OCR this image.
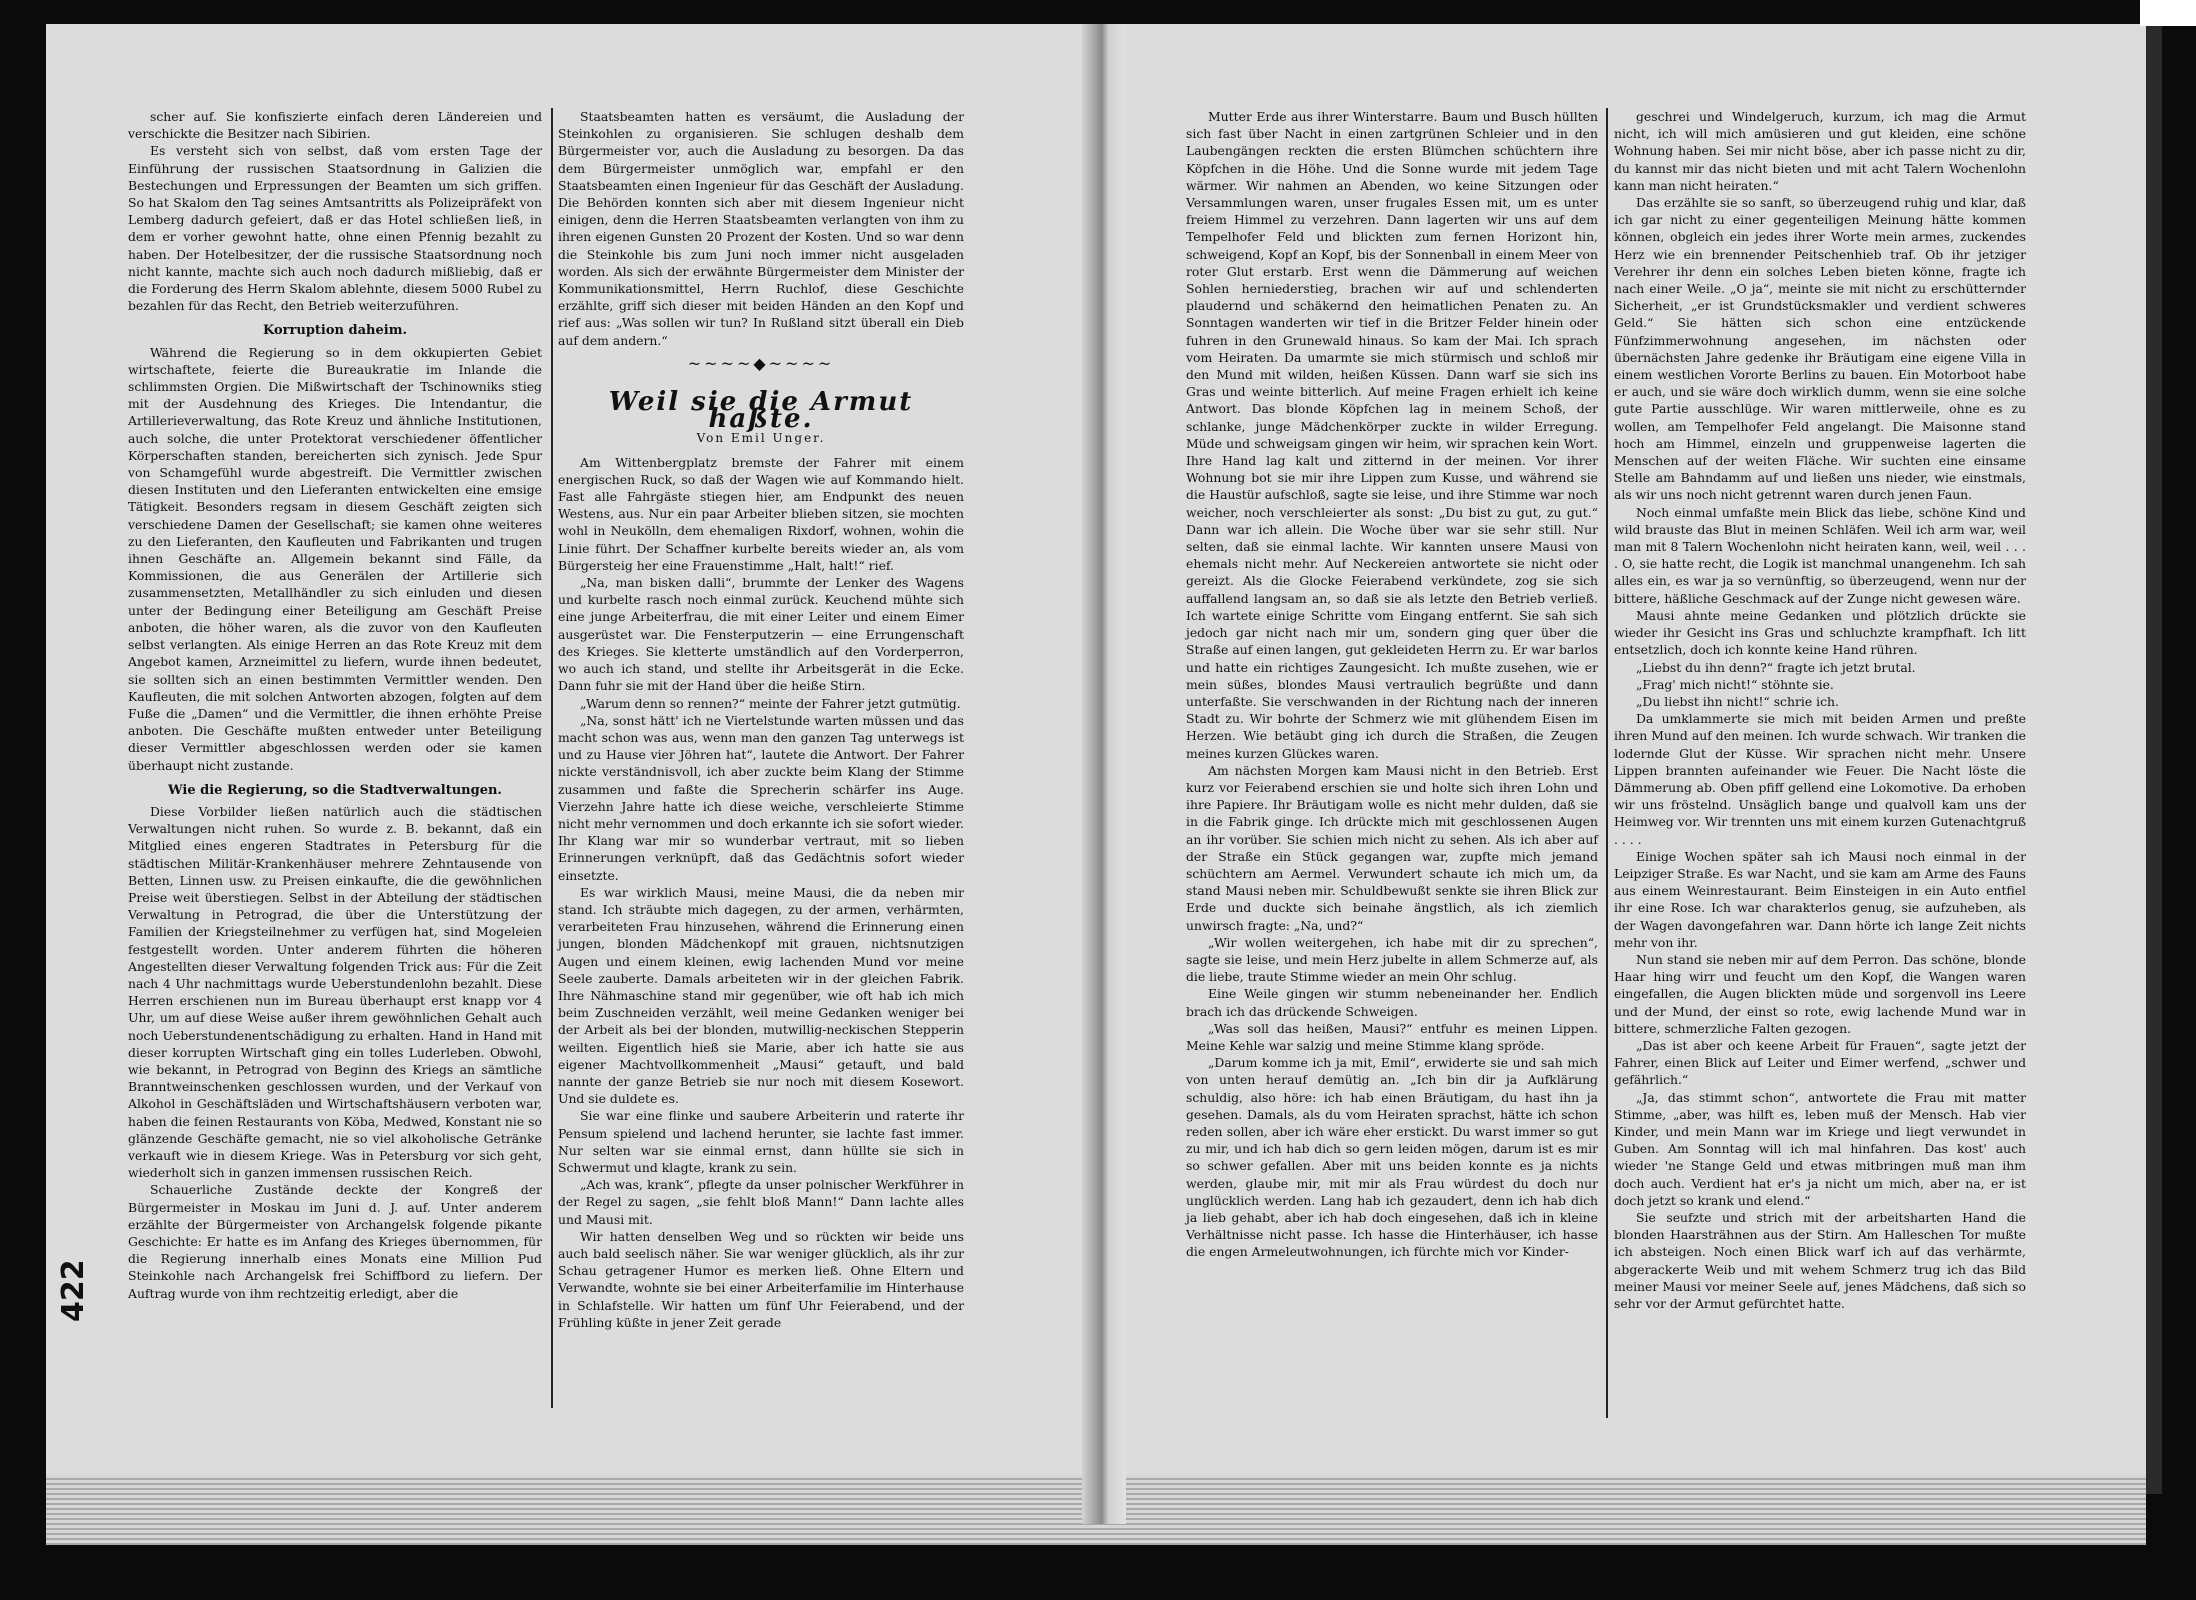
scher auf. Sie konfiszierte einfach deren Ländereien und verschickte die Besitzer nach Sibirien.

Es versteht sich von selbst, daß vom ersten Tage der Einführung der russischen Staatsordnung in Galizien die Bestechungen und Erpressungen der Beamten um sich griffen. So hat Skalom den Tag seines Amtsantritts als Polizeipräfekt von Lemberg dadurch gefeiert, daß er das Hotel schließen ließ, in dem er vorher gewohnt hatte, ohne einen Pfennig bezahlt zu haben. Der Hotelbesitzer, der die russische Staatsordnung noch nicht kannte, machte sich auch noch dadurch mißliebig, daß er die Forderung des Herrn Skalom ablehnte, diesem 5000 Rubel zu bezahlen für das Recht, den Betrieb weiterzuführen.

Korruption daheim.

Während die Regierung so in dem okkupierten Gebiet wirtschaftete, feierte die Bureaukratie im Inlande die schlimmsten Orgien. Die Mißwirtschaft der Tschinowniks stieg mit der Ausdehnung des Krieges. Die Intendantur, die Artillerieverwaltung, das Rote Kreuz und ähnliche Institutionen, auch solche, die unter Protektorat verschiedener öffentlicher Körperschaften standen, bereicherten sich zynisch. Jede Spur von Schamgefühl wurde abgestreift. Die Vermittler zwischen diesen Instituten und den Lieferanten entwickelten eine emsige Tätigkeit. Besonders regsam in diesem Geschäft zeigten sich verschiedene Damen der Gesellschaft; sie kamen ohne weiteres zu den Lieferanten, den Kaufleuten und Fabrikanten und trugen ihnen Geschäfte an. Allgemein bekannt sind Fälle, da Kommissionen, die aus Generälen der Artillerie sich zusammensetzten, Metallhändler zu sich einluden und diesen unter der Bedingung einer Beteiligung am Geschäft Preise anboten, die höher waren, als die zuvor von den Kaufleuten selbst verlangten. Als einige Herren an das Rote Kreuz mit dem Angebot kamen, Arzneimittel zu liefern, wurde ihnen bedeutet, sie sollten sich an einen bestimmten Vermittler wenden. Den Kaufleuten, die mit solchen Antworten abzogen, folgten auf dem Fuße die „Damen“ und die Vermittler, die ihnen erhöhte Preise anboten. Die Geschäfte mußten entweder unter Beteiligung dieser Vermittler abgeschlossen werden oder sie kamen überhaupt nicht zustande.

Wie die Regierung, so die Stadtverwaltungen.

Diese Vorbilder ließen natürlich auch die städtischen Verwaltungen nicht ruhen. So wurde z. B. bekannt, daß ein Mitglied eines engeren Stadtrates in Petersburg für die städtischen Militär-Krankenhäuser mehrere Zehntausende von Betten, Linnen usw. zu Preisen einkaufte, die die gewöhnlichen Preise weit überstiegen. Selbst in der Abteilung der städtischen Verwaltung in Petrograd, die über die Unterstützung der Familien der Kriegsteilnehmer zu verfügen hat, sind Mogeleien festgestellt worden. Unter anderem führten die höheren Angestellten dieser Verwaltung folgenden Trick aus: Für die Zeit nach 4 Uhr nachmittags wurde Ueberstundenlohn bezahlt. Diese Herren erschienen nun im Bureau überhaupt erst knapp vor 4 Uhr, um auf diese Weise außer ihrem gewöhnlichen Gehalt auch noch Ueberstundenentschädigung zu erhalten. Hand in Hand mit dieser korrupten Wirtschaft ging ein tolles Luderleben. Obwohl, wie bekannt, in Petrograd von Beginn des Kriegs an sämtliche Branntweinschenken geschlossen wurden, und der Verkauf von Alkohol in Geschäftsläden und Wirtschaftshäusern verboten war, haben die feinen Restaurants von Köba, Medwed, Konstant nie so glänzende Geschäfte gemacht, nie so viel alkoholische Getränke verkauft wie in diesem Kriege. Was in Petersburg vor sich geht, wiederholt sich in ganzen immensen russischen Reich.

Schauerliche Zustände deckte der Kongreß der Bürgermeister in Moskau im Juni d. J. auf. Unter anderem erzählte der Bürgermeister von Archangelsk folgende pikante Geschichte: Er hatte es im Anfang des Krieges übernommen, für die Regierung innerhalb eines Monats eine Million Pud Steinkohle nach Archangelsk frei Schiffbord zu liefern. Der Auftrag wurde von ihm rechtzeitig erledigt, aber die

Staatsbeamten hatten es versäumt, die Ausladung der Steinkohlen zu organisieren. Sie schlugen deshalb dem Bürgermeister vor, auch die Ausladung zu besorgen. Da das dem Bürgermeister unmöglich war, empfahl er den Staatsbeamten einen Ingenieur für das Geschäft der Ausladung. Die Behörden konnten sich aber mit diesem Ingenieur nicht einigen, denn die Herren Staatsbeamten verlangten von ihm zu ihren eigenen Gunsten 20 Prozent der Kosten. Und so war denn die Steinkohle bis zum Juni noch immer nicht ausgeladen worden. Als sich der erwähnte Bürgermeister dem Minister der Kommunikationsmittel, Herrn Ruchlof, diese Geschichte erzählte, griff sich dieser mit beiden Händen an den Kopf und rief aus: „Was sollen wir tun? In Rußland sitzt überall ein Dieb auf dem andern.“

~~~~◆~~~~
Weil sie die Armut haßte.
Von Emil Unger.

Am Wittenbergplatz bremste der Fahrer mit einem energischen Ruck, so daß der Wagen wie auf Kommando hielt. Fast alle Fahrgäste stiegen hier, am Endpunkt des neuen Westens, aus. Nur ein paar Arbeiter blieben sitzen, sie mochten wohl in Neukölln, dem ehemaligen Rixdorf, wohnen, wohin die Linie führt. Der Schaffner kurbelte bereits wieder an, als vom Bürgersteig her eine Frauenstimme „Halt, halt!“ rief.

„Na, man bisken dalli“, brummte der Lenker des Wagens und kurbelte rasch noch einmal zurück. Keuchend mühte sich eine junge Arbeiterfrau, die mit einer Leiter und einem Eimer ausgerüstet war. Die Fensterputzerin — eine Errungenschaft des Krieges. Sie kletterte umständlich auf den Vorderperron, wo auch ich stand, und stellte ihr Arbeitsgerät in die Ecke. Dann fuhr sie mit der Hand über die heiße Stirn.

„Warum denn so rennen?“ meinte der Fahrer jetzt gutmütig.

„Na, sonst hätt' ich ne Viertelstunde warten müssen und das macht schon was aus, wenn man den ganzen Tag unterwegs ist und zu Hause vier Jöhren hat“, lautete die Antwort. Der Fahrer nickte verständnisvoll, ich aber zuckte beim Klang der Stimme zusammen und faßte die Sprecherin schärfer ins Auge. Vierzehn Jahre hatte ich diese weiche, verschleierte Stimme nicht mehr vernommen und doch erkannte ich sie sofort wieder. Ihr Klang war mir so wunderbar vertraut, mit so lieben Erinnerungen verknüpft, daß das Gedächtnis sofort wieder einsetzte.

Es war wirklich Mausi, meine Mausi, die da neben mir stand. Ich sträubte mich dagegen, zu der armen, verhärmten, verarbeiteten Frau hinzusehen, während die Erinnerung einen jungen, blonden Mädchenkopf mit grauen, nichtsnutzigen Augen und einem kleinen, ewig lachenden Mund vor meine Seele zauberte. Damals arbeiteten wir in der gleichen Fabrik. Ihre Nähmaschine stand mir gegenüber, wie oft hab ich mich beim Zuschneiden verzählt, weil meine Gedanken weniger bei der Arbeit als bei der blonden, mutwillig-neckischen Stepperin weilten. Eigentlich hieß sie Marie, aber ich hatte sie aus eigener Machtvollkommenheit „Mausi“ getauft, und bald nannte der ganze Betrieb sie nur noch mit diesem Kosewort. Und sie duldete es.

Sie war eine flinke und saubere Arbeiterin und raterte ihr Pensum spielend und lachend herunter, sie lachte fast immer. Nur selten war sie einmal ernst, dann hüllte sie sich in Schwermut und klagte, krank zu sein.

„Ach was, krank“, pflegte da unser polnischer Werkführer in der Regel zu sagen, „sie fehlt bloß Mann!“ Dann lachte alles und Mausi mit.

Wir hatten denselben Weg und so rückten wir beide uns auch bald seelisch näher. Sie war weniger glücklich, als ihr zur Schau getragener Humor es merken ließ. Ohne Eltern und Verwandte, wohnte sie bei einer Arbeiterfamilie im Hinterhause in Schlafstelle. Wir hatten um fünf Uhr Feierabend, und der Frühling küßte in jener Zeit gerade

Mutter Erde aus ihrer Winterstarre. Baum und Busch hüllten sich fast über Nacht in einen zartgrünen Schleier und in den Laubengängen reckten die ersten Blümchen schüchtern ihre Köpfchen in die Höhe. Und die Sonne wurde mit jedem Tage wärmer. Wir nahmen an Abenden, wo keine Sitzungen oder Versammlungen waren, unser frugales Essen mit, um es unter freiem Himmel zu verzehren. Dann lagerten wir uns auf dem Tempelhofer Feld und blickten zum fernen Horizont hin, schweigend, Kopf an Kopf, bis der Sonnenball in einem Meer von roter Glut erstarb. Erst wenn die Dämmerung auf weichen Sohlen herniederstieg, brachen wir auf und schlenderten plaudernd und schäkernd den heimatlichen Penaten zu. An Sonntagen wanderten wir tief in die Britzer Felder hinein oder fuhren in den Grunewald hinaus. So kam der Mai. Ich sprach vom Heiraten. Da umarmte sie mich stürmisch und schloß mir den Mund mit wilden, heißen Küssen. Dann warf sie sich ins Gras und weinte bitterlich. Auf meine Fragen erhielt ich keine Antwort. Das blonde Köpfchen lag in meinem Schoß, der schlanke, junge Mädchenkörper zuckte in wilder Erregung. Müde und schweigsam gingen wir heim, wir sprachen kein Wort. Ihre Hand lag kalt und zitternd in der meinen. Vor ihrer Wohnung bot sie mir ihre Lippen zum Kusse, und während sie die Haustür aufschloß, sagte sie leise, und ihre Stimme war noch weicher, noch verschleierter als sonst: „Du bist zu gut, zu gut.“ Dann war ich allein. Die Woche über war sie sehr still. Nur selten, daß sie einmal lachte. Wir kannten unsere Mausi von ehemals nicht mehr. Auf Neckereien antwortete sie nicht oder gereizt. Als die Glocke Feierabend verkündete, zog sie sich auffallend langsam an, so daß sie als letzte den Betrieb verließ. Ich wartete einige Schritte vom Eingang entfernt. Sie sah sich jedoch gar nicht nach mir um, sondern ging quer über die Straße auf einen langen, gut gekleideten Herrn zu. Er war barlos und hatte ein richtiges Zaungesicht. Ich mußte zusehen, wie er mein süßes, blondes Mausi vertraulich begrüßte und dann unterfaßte. Sie verschwanden in der Richtung nach der inneren Stadt zu. Wir bohrte der Schmerz wie mit glühendem Eisen im Herzen. Wie betäubt ging ich durch die Straßen, die Zeugen meines kurzen Glückes waren.

Am nächsten Morgen kam Mausi nicht in den Betrieb. Erst kurz vor Feierabend erschien sie und holte sich ihren Lohn und ihre Papiere. Ihr Bräutigam wolle es nicht mehr dulden, daß sie in die Fabrik ginge. Ich drückte mich mit geschlossenen Augen an ihr vorüber. Sie schien mich nicht zu sehen. Als ich aber auf der Straße ein Stück gegangen war, zupfte mich jemand schüchtern am Aermel. Verwundert schaute ich mich um, da stand Mausi neben mir. Schuldbewußt senkte sie ihren Blick zur Erde und duckte sich beinahe ängstlich, als ich ziemlich unwirsch fragte: „Na, und?“

„Wir wollen weitergehen, ich habe mit dir zu sprechen“, sagte sie leise, und mein Herz jubelte in allem Schmerze auf, als die liebe, traute Stimme wieder an mein Ohr schlug.

Eine Weile gingen wir stumm nebeneinander her. Endlich brach ich das drückende Schweigen.

„Was soll das heißen, Mausi?“ entfuhr es meinen Lippen. Meine Kehle war salzig und meine Stimme klang spröde.

„Darum komme ich ja mit, Emil“, erwiderte sie und sah mich von unten herauf demütig an. „Ich bin dir ja Aufklärung schuldig, also höre: ich hab einen Bräutigam, du hast ihn ja gesehen. Damals, als du vom Heiraten sprachst, hätte ich schon reden sollen, aber ich wäre eher erstickt. Du warst immer so gut zu mir, und ich hab dich so gern leiden mögen, darum ist es mir so schwer gefallen. Aber mit uns beiden konnte es ja nichts werden, glaube mir, mit mir als Frau würdest du doch nur unglücklich werden. Lang hab ich gezaudert, denn ich hab dich ja lieb gehabt, aber ich hab doch eingesehen, daß ich in kleine Verhältnisse nicht passe. Ich hasse die Hinterhäuser, ich hasse die engen Armeleutwohnungen, ich fürchte mich vor Kinder-

geschrei und Windelgeruch, kurzum, ich mag die Armut nicht, ich will mich amüsieren und gut kleiden, eine schöne Wohnung haben. Sei mir nicht böse, aber ich passe nicht zu dir, du kannst mir das nicht bieten und mit acht Talern Wochenlohn kann man nicht heiraten.“

Das erzählte sie so sanft, so überzeugend ruhig und klar, daß ich gar nicht zu einer gegenteiligen Meinung hätte kommen können, obgleich ein jedes ihrer Worte mein armes, zuckendes Herz wie ein brennender Peitschenhieb traf. Ob ihr jetziger Verehrer ihr denn ein solches Leben bieten könne, fragte ich nach einer Weile. „O ja“, meinte sie mit nicht zu erschütternder Sicherheit, „er ist Grundstücksmakler und verdient schweres Geld.“ Sie hätten sich schon eine entzückende Fünfzimmerwohnung angesehen, im nächsten oder übernächsten Jahre gedenke ihr Bräutigam eine eigene Villa in einem westlichen Vororte Berlins zu bauen. Ein Motorboot habe er auch, und sie wäre doch wirklich dumm, wenn sie eine solche gute Partie ausschlüge. Wir waren mittlerweile, ohne es zu wollen, am Tempelhofer Feld angelangt. Die Maisonne stand hoch am Himmel, einzeln und gruppenweise lagerten die Menschen auf der weiten Fläche. Wir suchten eine einsame Stelle am Bahndamm auf und ließen uns nieder, wie einstmals, als wir uns noch nicht getrennt waren durch jenen Faun.

Noch einmal umfaßte mein Blick das liebe, schöne Kind und wild brauste das Blut in meinen Schläfen. Weil ich arm war, weil man mit 8 Talern Wochenlohn nicht heiraten kann, weil, weil . . . . O, sie hatte recht, die Logik ist manchmal unangenehm. Ich sah alles ein, es war ja so vernünftig, so überzeugend, wenn nur der bittere, häßliche Geschmack auf der Zunge nicht gewesen wäre.

Mausi ahnte meine Gedanken und plötzlich drückte sie wieder ihr Gesicht ins Gras und schluchzte krampfhaft. Ich litt entsetzlich, doch ich konnte keine Hand rühren.

„Liebst du ihn denn?“ fragte ich jetzt brutal.

„Frag' mich nicht!“ stöhnte sie.

„Du liebst ihn nicht!“ schrie ich.

Da umklammerte sie mich mit beiden Armen und preßte ihren Mund auf den meinen. Ich wurde schwach. Wir tranken die lodernde Glut der Küsse. Wir sprachen nicht mehr. Unsere Lippen brannten aufeinander wie Feuer. Die Nacht löste die Dämmerung ab. Oben pfiff gellend eine Lokomotive. Da erhoben wir uns fröstelnd. Unsäglich bange und qualvoll kam uns der Heimweg vor. Wir trennten uns mit einem kurzen Gutenachtgruß . . . .

Einige Wochen später sah ich Mausi noch einmal in der Leipziger Straße. Es war Nacht, und sie kam am Arme des Fauns aus einem Weinrestaurant. Beim Einsteigen in ein Auto entfiel ihr eine Rose. Ich war charakterlos genug, sie aufzuheben, als der Wagen davongefahren war. Dann hörte ich lange Zeit nichts mehr von ihr.

Nun stand sie neben mir auf dem Perron. Das schöne, blonde Haar hing wirr und feucht um den Kopf, die Wangen waren eingefallen, die Augen blickten müde und sorgenvoll ins Leere und der Mund, der einst so rote, ewig lachende Mund war in bittere, schmerzliche Falten gezogen.

„Das ist aber och keene Arbeit für Frauen“, sagte jetzt der Fahrer, einen Blick auf Leiter und Eimer werfend, „schwer und gefährlich.“

„Ja, das stimmt schon“, antwortete die Frau mit matter Stimme, „aber, was hilft es, leben muß der Mensch. Hab vier Kinder, und mein Mann war im Kriege und liegt verwundet in Guben. Am Sonntag will ich mal hinfahren. Das kost' auch wieder 'ne Stange Geld und etwas mitbringen muß man ihm doch auch. Verdient hat er's ja nicht um mich, aber na, er ist doch jetzt so krank und elend.“

Sie seufzte und strich mit der arbeitsharten Hand die blonden Haarsträhnen aus der Stirn. Am Halleschen Tor mußte ich absteigen. Noch einen Blick warf ich auf das verhärmte, abgerackerte Weib und mit wehem Schmerz trug ich das Bild meiner Mausi vor meiner Seele auf, jenes Mädchens, daß sich so sehr vor der Armut gefürchtet hatte.

422
